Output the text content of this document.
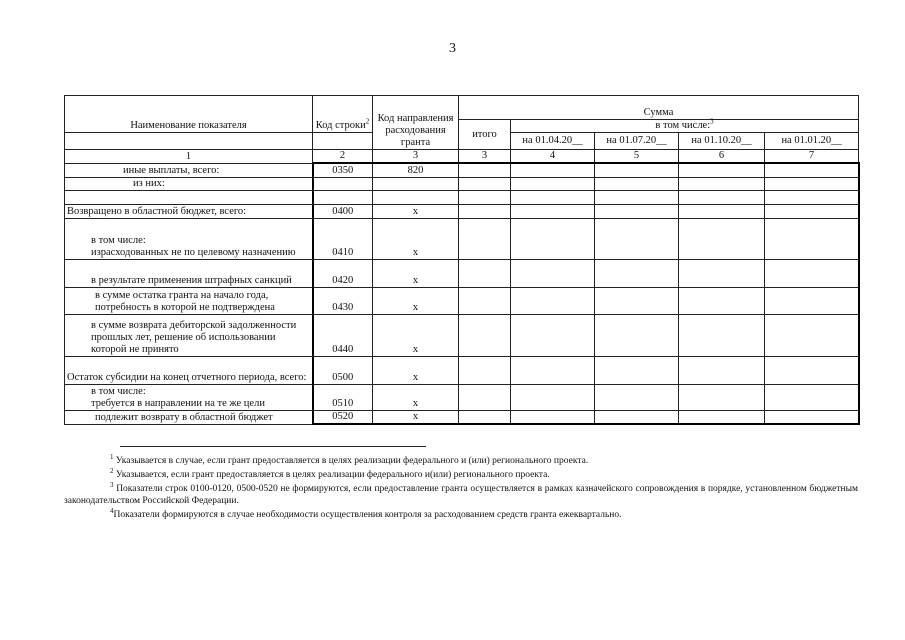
3
Наименование показателя	Код строки$^2$	Код направления расходования гранта	Сумма				
			итого	в том числе:$^3$
				на 01.04.20__	на 01.07.20__	на 01.10.20__	на 01.01.20__
1	2	3	3	4	5	6	7
иные выплаты, всего:	0350	820					
из них:							

Возвращено в областной бюджет, всего:	0400	x					
в том числе:
израсходованных не по целевому назначению	0410	x					
в результате применения штрафных санкций	0420	x					
в сумме остатка гранта на начало года, потребность в которой не подтверждена	0430	x					
в сумме возврата дебиторской задолженности прошлых лет, решение об использовании которой не принято	0440	x					
Остаток субсидии на конец отчетного периода, всего:	0500	x					
в том числе:
требуется в направлении на те же цели	0510	x					
подлежит возврату в областной бюджет	0520	x					

$^1$ Указывается в случае, если грант предоставляется в целях реализации федерального и (или) регионального проекта.

$^2$ Указывается, если грант предоставляется в целях реализации федерального и(или) регионального проекта.

$^3$ Показатели строк 0100-0120, 0500-0520 не формируются, если предоставление гранта осуществляется в рамках казначейского сопровождения в порядке, установленном бюджетным законодательством Российской Федерации.

$^4$Показатели формируются в случае необходимости осуществления контроля за расходованием средств гранта ежеквартально.
